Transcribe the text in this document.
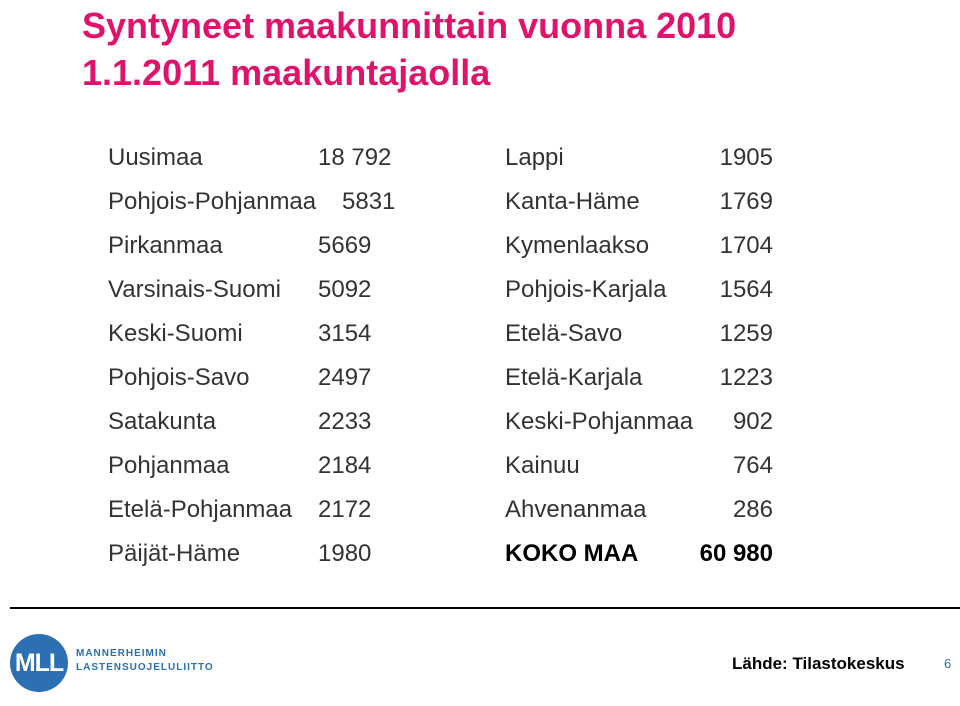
Syntyneet maakunnittain vuonna 2010
1.1.2011 maakuntajaolla
Uusimaa	18 792
Pohjois-Pohjanmaa 5831
Pirkanmaa	5669
Varsinais-Suomi 5092
Keski-Suomi	3154
Pohjois-Savo	2497
Satakunta	2233
Pohjanmaa	2184
Etelä-Pohjanmaa 2172
Päijät-Häme	1980
Lappi	1905
Kanta-Häme	1769
Kymenlaakso	1704
Pohjois-Karjala	1564
Etelä-Savo	1259
Etelä-Karjala	1223
Keski-Pohjanmaa	902
Kainuu	764
Ahvenanmaa	286
KOKO MAA	60 980
MLL	MANNERHEIMIN
LASTENSUOJELULIITTO	Lähde: Tilastokeskus	6
